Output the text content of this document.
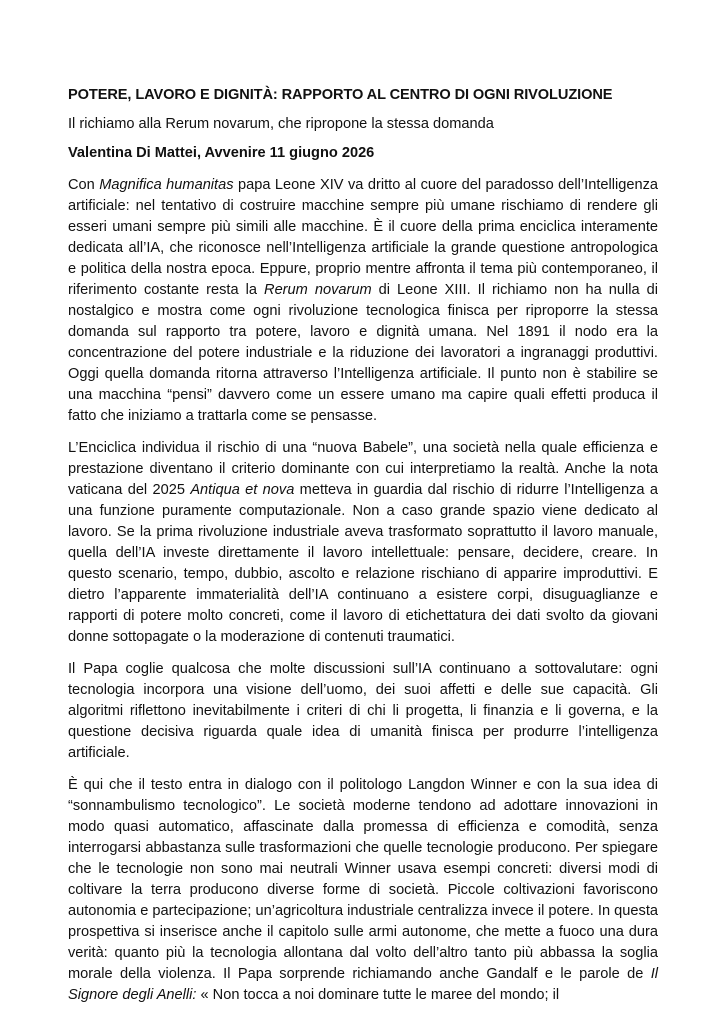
POTERE, LAVORO E DIGNITÀ: RAPPORTO AL CENTRO DI OGNI RIVOLUZIONE

Il richiamo alla Rerum novarum, che ripropone la stessa domanda

Valentina Di Mattei, Avvenire 11 giugno 2026

Con Magnifica humanitas papa Leone XIV va dritto al cuore del paradosso dell’Intelligenza artificiale: nel tentativo di costruire macchine sempre più umane rischiamo di rendere gli esseri umani sempre più simili alle macchine. È il cuore della prima enciclica interamente dedicata all’IA, che riconosce nell’Intelligenza artificiale la grande questione antropologica e politica della nostra epoca. Eppure, proprio mentre affronta il tema più contemporaneo, il riferimento costante resta la Rerum novarum di Leone XIII. Il richiamo non ha nulla di nostalgico e mostra come ogni rivoluzione tecnologica finisca per riproporre la stessa domanda sul rapporto tra potere, lavoro e dignità umana. Nel 1891 il nodo era la concentrazione del potere industriale e la riduzione dei lavoratori a ingranaggi produttivi. Oggi quella domanda ritorna attraverso l’Intelligenza artificiale. Il punto non è stabilire se una macchina “pensi” davvero come un essere umano ma capire quali effetti produca il fatto che iniziamo a trattarla come se pensasse.

L’Enciclica individua il rischio di una “nuova Babele”, una società nella quale efficienza e prestazione diventano il criterio dominante con cui interpretiamo la realtà. Anche la nota vaticana del 2025 Antiqua et nova metteva in guardia dal rischio di ridurre l’Intelligenza a una funzione puramente computazionale. Non a caso grande spazio viene dedicato al lavoro. Se la prima rivoluzione industriale aveva trasformato soprattutto il lavoro manuale, quella dell’IA investe direttamente il lavoro intellettuale: pensare, decidere, creare. In questo scenario, tempo, dubbio, ascolto e relazione rischiano di apparire improduttivi. E dietro l’apparente immaterialità dell’IA continuano a esistere corpi, disuguaglianze e rapporti di potere molto concreti, come il lavoro di etichettatura dei dati svolto da giovani donne sottopagate o la moderazione di contenuti traumatici.

Il Papa coglie qualcosa che molte discussioni sull’IA continuano a sottovalutare: ogni tecnologia incorpora una visione dell’uomo, dei suoi affetti e delle sue capacità. Gli algoritmi riflettono inevitabilmente i criteri di chi li progetta, li finanzia e li governa, e la questione decisiva riguarda quale idea di umanità finisca per produrre l’intelligenza artificiale.

È qui che il testo entra in dialogo con il politologo Langdon Winner e con la sua idea di “sonnambulismo tecnologico”. Le società moderne tendono ad adottare innovazioni in modo quasi automatico, affascinate dalla promessa di efficienza e comodità, senza interrogarsi abbastanza sulle trasformazioni che quelle tecnologie producono. Per spiegare che le tecnologie non sono mai neutrali Winner usava esempi concreti: diversi modi di coltivare la terra producono diverse forme di società. Piccole coltivazioni favoriscono autonomia e partecipazione; un’agricoltura industriale centralizza invece il potere. In questa prospettiva si inserisce anche il capitolo sulle armi autonome, che mette a fuoco una dura verità: quanto più la tecnologia allontana dal volto dell’altro tanto più abbassa la soglia morale della violenza. Il Papa sorprende richiamando anche Gandalf e le parole de Il Signore degli Anelli: « Non tocca a noi dominare tutte le maree del mondo; il
